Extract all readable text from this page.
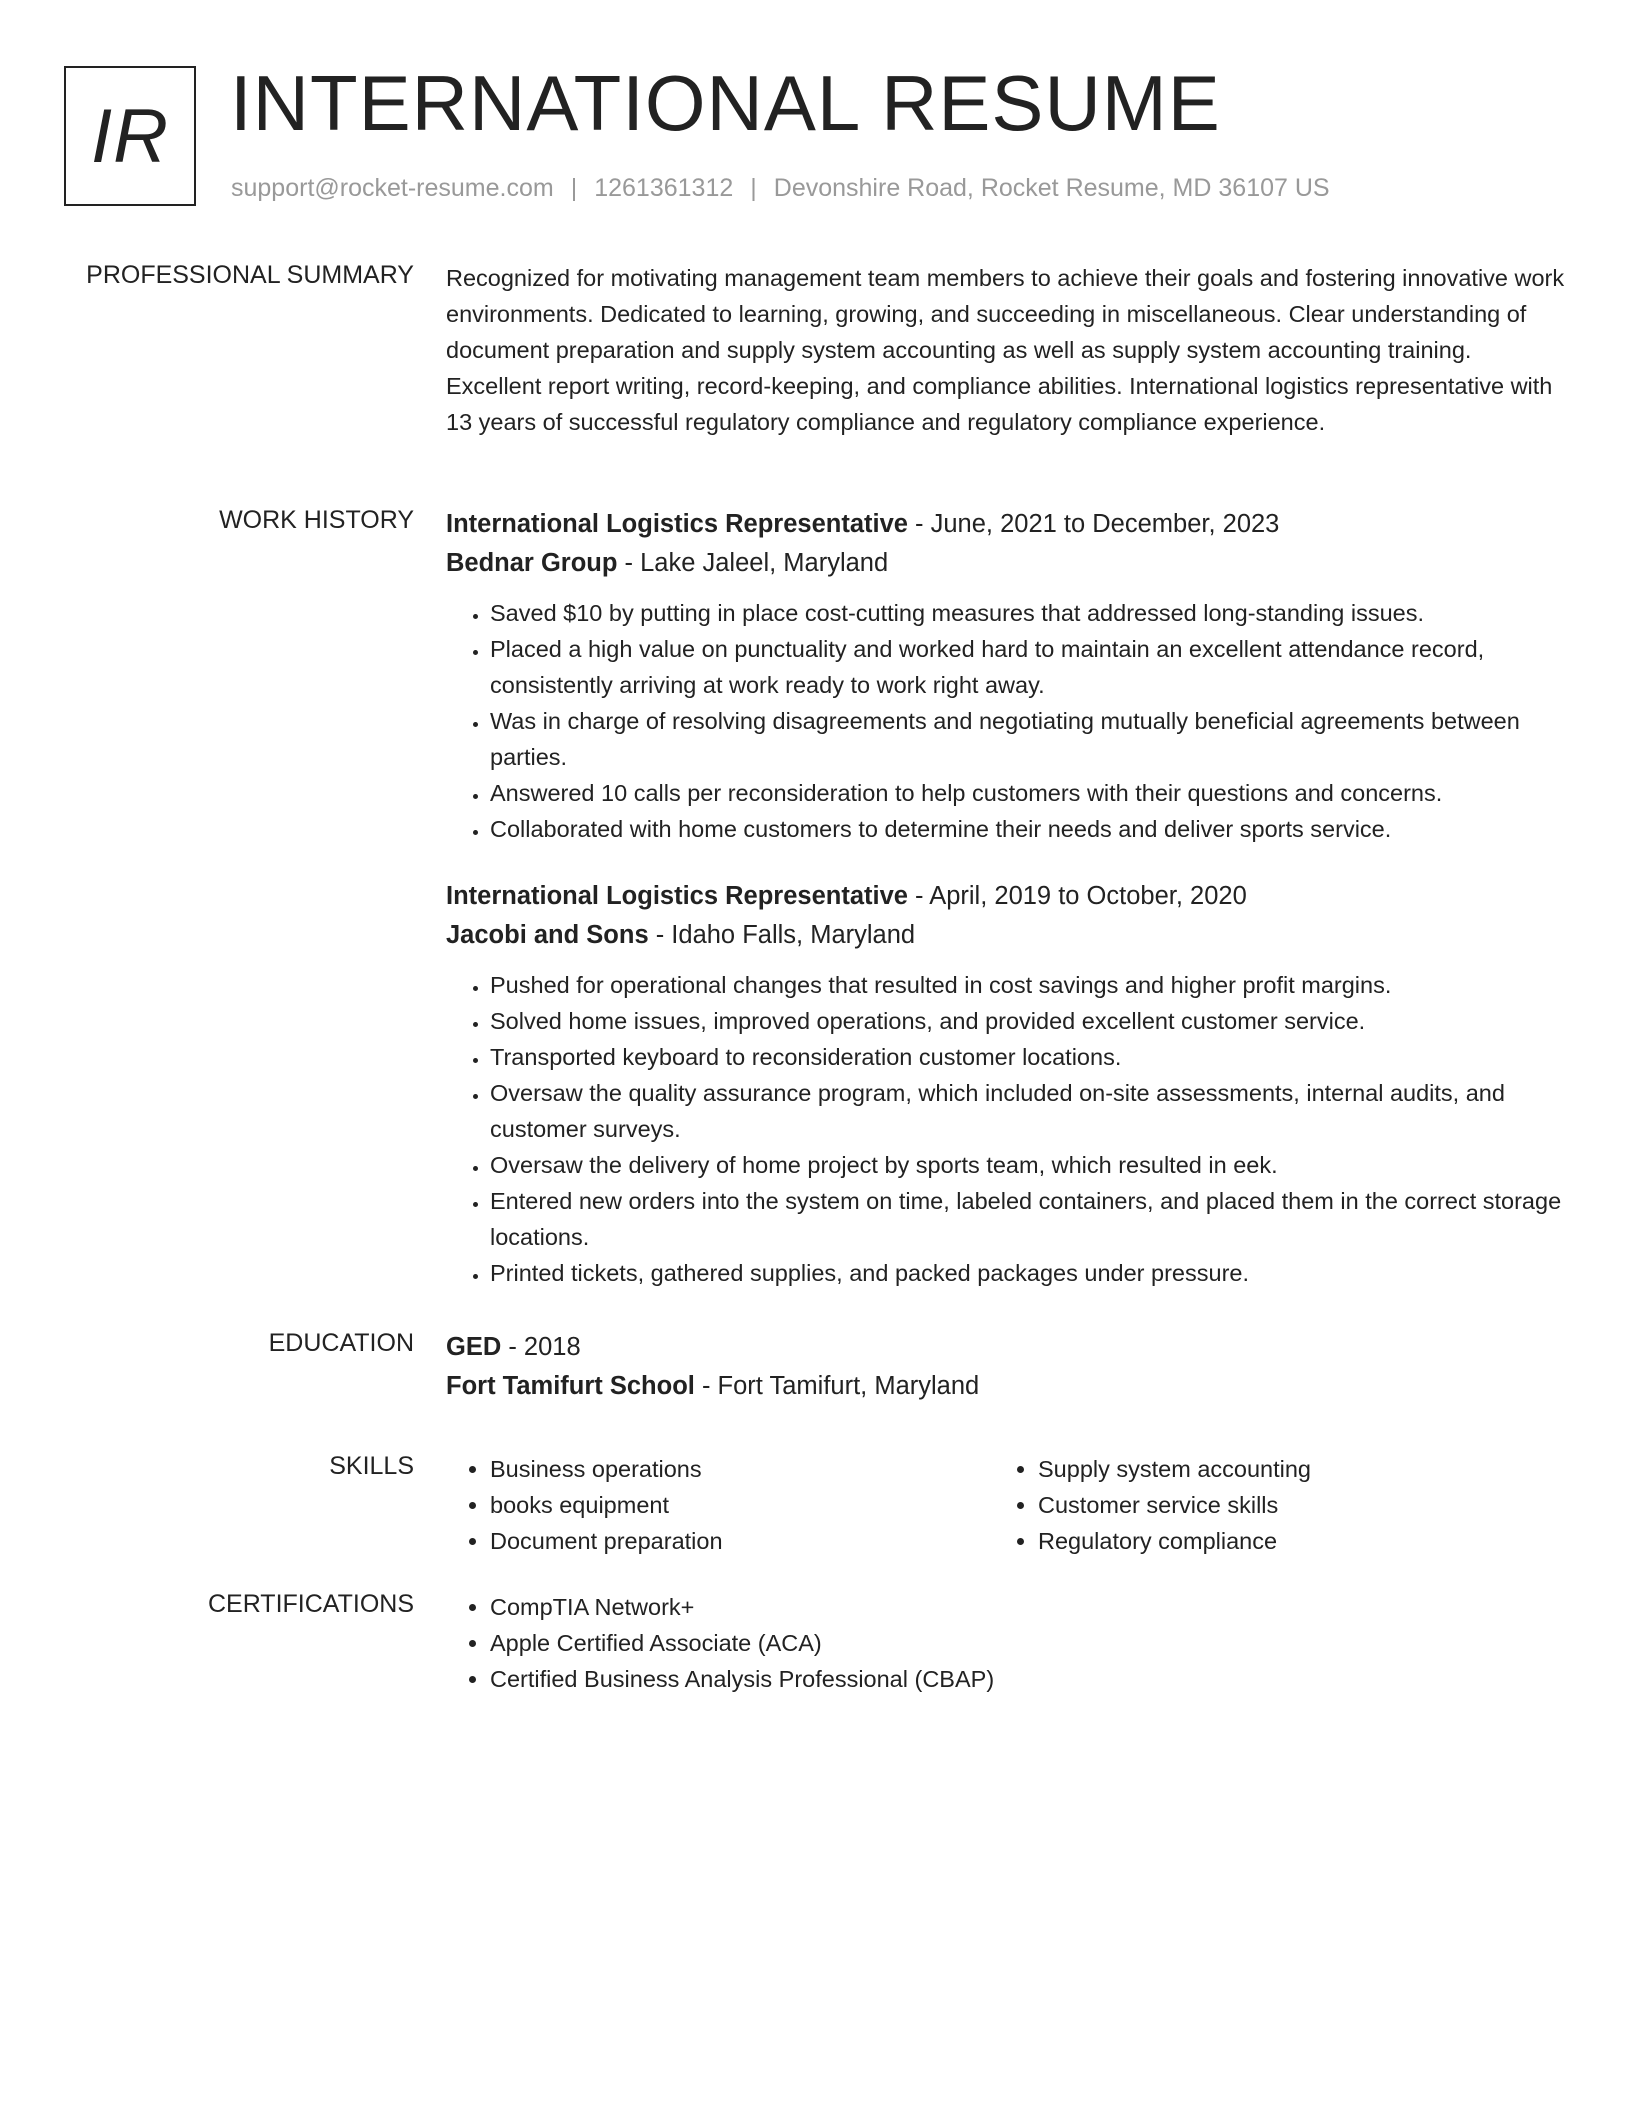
IR INTERNATIONAL RESUME
support@rocket-resume.com | 1261361312 | Devonshire Road, Rocket Resume, MD 36107 US
PROFESSIONAL SUMMARY Recognized for motivating management team members to achieve their goals and fostering innovative work environments. Dedicated to learning, growing, and succeeding in miscellaneous. Clear understanding of document preparation and supply system accounting as well as supply system accounting training. Excellent report writing, record-keeping, and compliance abilities. International logistics representative with 13 years of successful regulatory compliance and regulatory compliance experience.

WORK HISTORY International Logistics Representative - June, 2021 to December, 2023
Bednar Group - Lake Jaleel, Maryland
• Saved $10 by putting in place cost-cutting measures that addressed long-standing issues.
• Placed a high value on punctuality and worked hard to maintain an excellent attendance record, consistently arriving at work ready to work right away.
• Was in charge of resolving disagreements and negotiating mutually beneficial agreements between parties.
• Answered 10 calls per reconsideration to help customers with their questions and concerns.
• Collaborated with home customers to determine their needs and deliver sports service.
International Logistics Representative - April, 2019 to October, 2020
Jacobi and Sons - Idaho Falls, Maryland
• Pushed for operational changes that resulted in cost savings and higher profit margins.
• Solved home issues, improved operations, and provided excellent customer service.
• Transported keyboard to reconsideration customer locations.
• Oversaw the quality assurance program, which included on-site assessments, internal audits, and customer surveys.
• Oversaw the delivery of home project by sports team, which resulted in eek.
• Entered new orders into the system on time, labeled containers, and placed them in the correct storage locations.
• Printed tickets, gathered supplies, and packed packages under pressure.
EDUCATION GED - 2018
Fort Tamifurt School - Fort Tamifurt, Maryland
SKILLS	• Business operations
• books equipment
• Document preparation
• Supply system accounting
• Customer service skills
• Regulatory compliance
CERTIFICATIONS	• CompTIA Network+
• Apple Certified Associate (ACA)
• Certified Business Analysis Professional (CBAP)
